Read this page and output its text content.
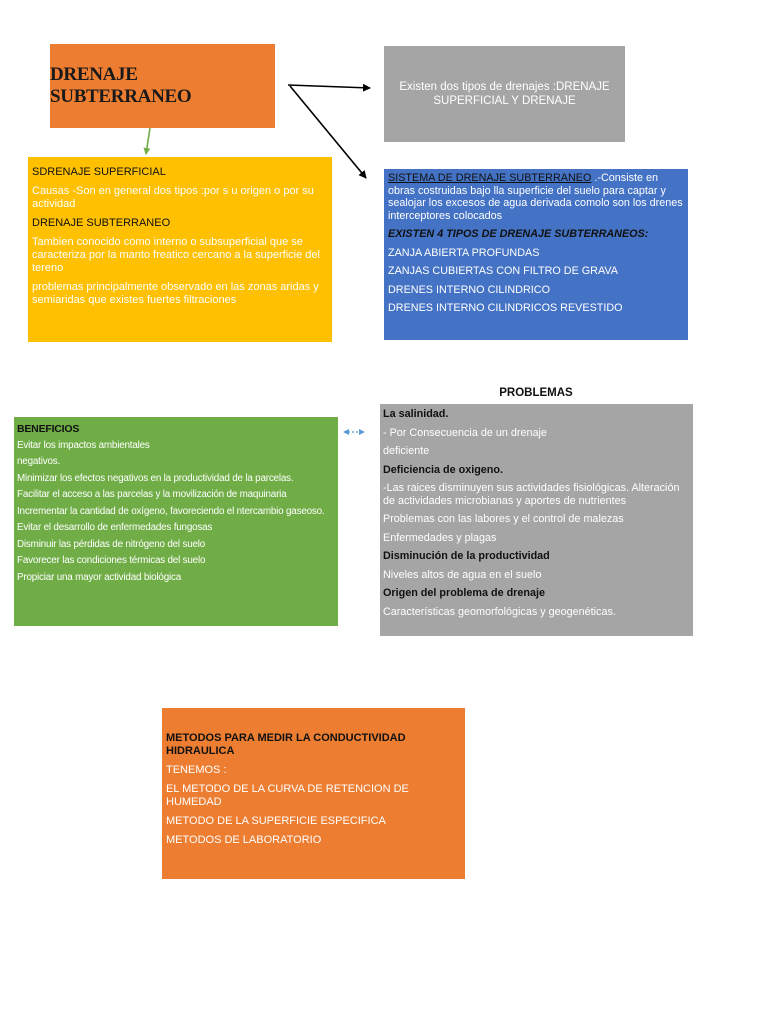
DRENAJE SUBTERRANEO	Existen dos tipos de drenajes :DRENAJE SUPERFICIAL Y DRENAJE

SDRENAJE SUPERFICIAL

Causas -Son en general dos tipos :por s u origen o por su actividad

DRENAJE SUBTERRANEO

Tambien conocido como interno o subsuperficial que se caracteriza por la manto freatico cercano a la superficie del tereno

problemas principalmente observado en las zonas aridas y semiaridas que existes fuertes filtraciones

SISTEMA DE DRENAJE SUBTERRANEO .-Consiste en obras costruidas bajo lla superficie del suelo para captar y sealojar los excesos de agua derivada comolo son los drenes interceptores colocados

EXISTEN 4 TIPOS DE DRENAJE SUBTERRANEOS:

ZANJA ABIERTA PROFUNDAS

ZANJAS CUBIERTAS CON FILTRO DE GRAVA

DRENES INTERNO CILINDRICO

DRENES INTERNO CILINDRICOS REVESTIDO

PROBLEMAS

La salinidad.

- Por Consecuencia de un drenaje

deficiente

Deficiencia de oxigeno.

-Las raices disminuyen sus actividades fisiológicas. Alteración de actividades microbianas y aportes de nutrientes

Problemas con las labores y el control de malezas

Enfermedades y plagas

Disminución de la productividad

Niveles altos de agua en el suelo

Origen del problema de drenaje

Características geomorfológicas y geogenéticas.

BENEFICIOS

Evitar los impactos ambientales

negativos.

Minimizar los efectos negativos en la productividad de la parcelas.

Facilitar el acceso a las parcelas y la movilización de maquinaria

Incrementar la cantidad de oxígeno, favoreciendo el ntercambio gaseoso.

Evitar el desarrollo de enfermedades fungosas

Disminuir las pérdidas de nitrógeno del suelo

Favorecer las condiciones térmicas del suelo

Propiciar una mayor actividad biológica

METODOS PARA MEDIR LA CONDUCTIVIDAD HIDRAULICA

TENEMOS :

EL METODO DE LA CURVA DE RETENCION DE HUMEDAD

METODO DE LA SUPERFICIE ESPECIFICA

METODOS DE LABORATORIO
